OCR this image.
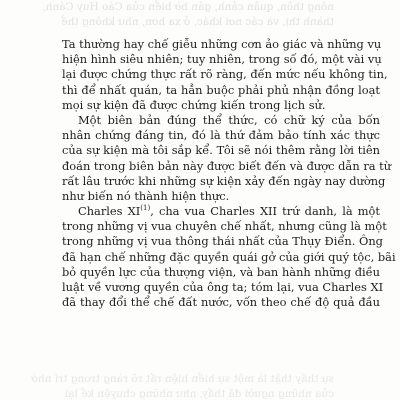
nông thôn, quân cảnh, gần bờ biển của Cáo Huy Cánh,
thành thị, và các nơi khác, ở xa hơn, như không thể

Ta thường hay chế giễu những cơn ảo giác và những vụ
hiện hình siêu nhiên; tuy nhiên, trong số đó, một vài vụ
lại được chứng thực rất rõ ràng, đến mức nếu không tin,
thì để nhất quán, ta hẳn buộc phải phủ nhận đồng loạt
mọi sự kiện đã được chứng kiến trong lịch sử.

Một biên bản đúng thể thức, có chữ ký của bốn
nhân chứng đáng tin, đó là thứ đảm bảo tính xác thực
của sự kiện mà tôi sắp kể. Tôi sẽ nói thêm rằng lời tiên
đoán trong biên bản này được biết đến và được dẫn ra từ
rất lâu trước khi những sự kiện xảy đến ngày nay dường
như biến nó thành hiện thực.

Charles XI$^{(1)}$, cha vua Charles XII trứ danh, là một
trong những vị vua chuyên chế nhất, nhưng cũng là một
trong những vị vua thông thái nhất của Thụy Điển. Ông
đã hạn chế những đặc quyền quái gở của giới quý tộc, bãi
bỏ quyền lực của thượng viện, và ban hành những điều
luật về vương quyền của ông ta; tóm lại, vua Charles XI
đã thay đổi thể chế đất nước, vốn theo chế độ quả đầu

sự thấy thật là một sự hiển hiện rất rõ ràng trong trí nhớ
của những người đã thấy, như những chuyện kể lại
